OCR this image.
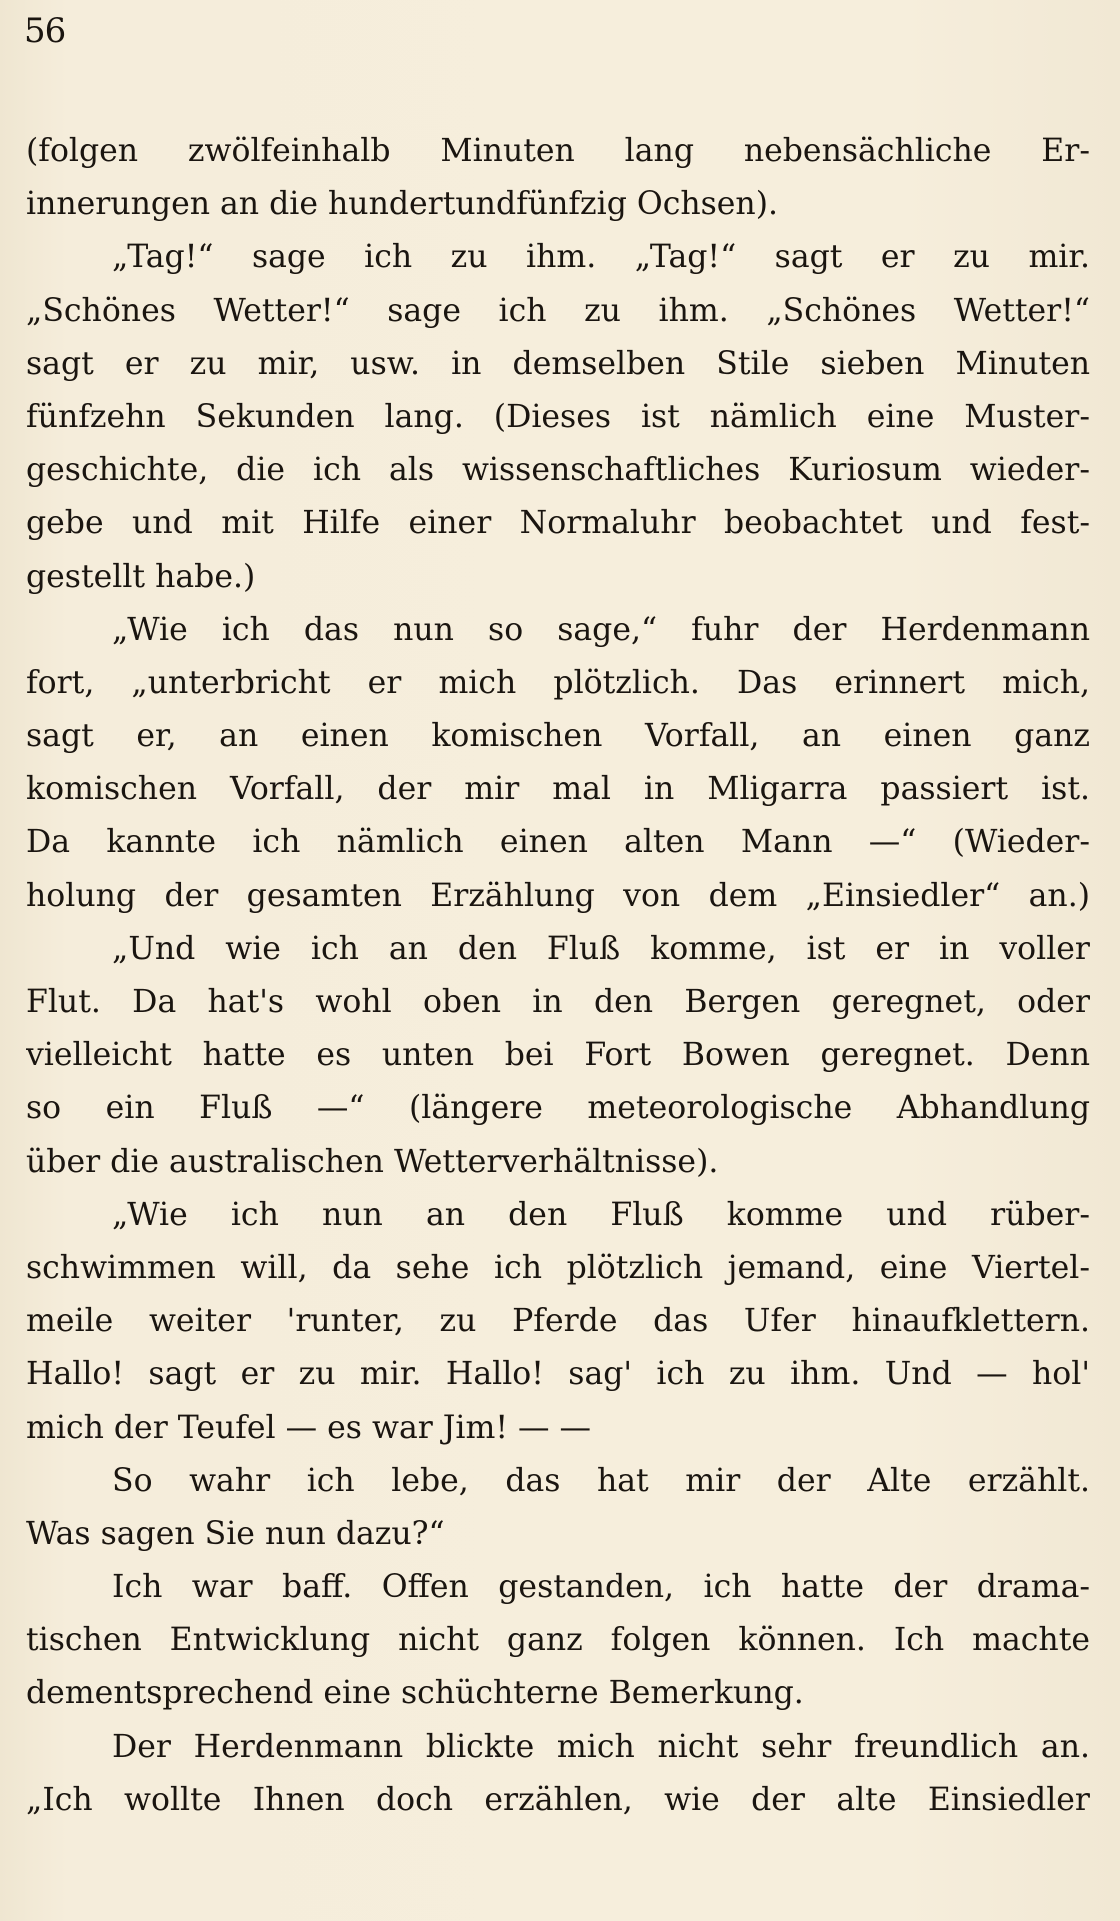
56
(folgen zwölfeinhalb Minuten lang nebensächliche Er-
innerungen an die hundertundfünfzig Ochsen).
„Tag!“ sage ich zu ihm. „Tag!“ sagt er zu mir.
„Schönes Wetter!“ sage ich zu ihm. „Schönes Wetter!“
sagt er zu mir, usw. in demselben Stile sieben Minuten
fünfzehn Sekunden lang. (Dieses ist nämlich eine Muster-
geschichte, die ich als wissenschaftliches Kuriosum wieder-
gebe und mit Hilfe einer Normaluhr beobachtet und fest-
gestellt habe.)
„Wie ich das nun so sage,“ fuhr der Herdenmann
fort, „unterbricht er mich plötzlich. Das erinnert mich,
sagt er, an einen komischen Vorfall, an einen ganz
komischen Vorfall, der mir mal in Mligarra passiert ist.
Da kannte ich nämlich einen alten Mann —“ (Wieder-
holung der gesamten Erzählung von dem „Einsiedler“ an.)
„Und wie ich an den Fluß komme, ist er in voller
Flut. Da hat's wohl oben in den Bergen geregnet, oder
vielleicht hatte es unten bei Fort Bowen geregnet. Denn
so ein Fluß —“ (längere meteorologische Abhandlung
über die australischen Wetterverhältnisse).
„Wie ich nun an den Fluß komme und rüber-
schwimmen will, da sehe ich plötzlich jemand, eine Viertel-
meile weiter 'runter, zu Pferde das Ufer hinaufklettern.
Hallo! sagt er zu mir. Hallo! sag' ich zu ihm. Und — hol'
mich der Teufel — es war Jim! — —
So wahr ich lebe, das hat mir der Alte erzählt.
Was sagen Sie nun dazu?“
Ich war baff. Offen gestanden, ich hatte der drama-
tischen Entwicklung nicht ganz folgen können. Ich machte
dementsprechend eine schüchterne Bemerkung.
Der Herdenmann blickte mich nicht sehr freundlich an.
„Ich wollte Ihnen doch erzählen, wie der alte Einsiedler
